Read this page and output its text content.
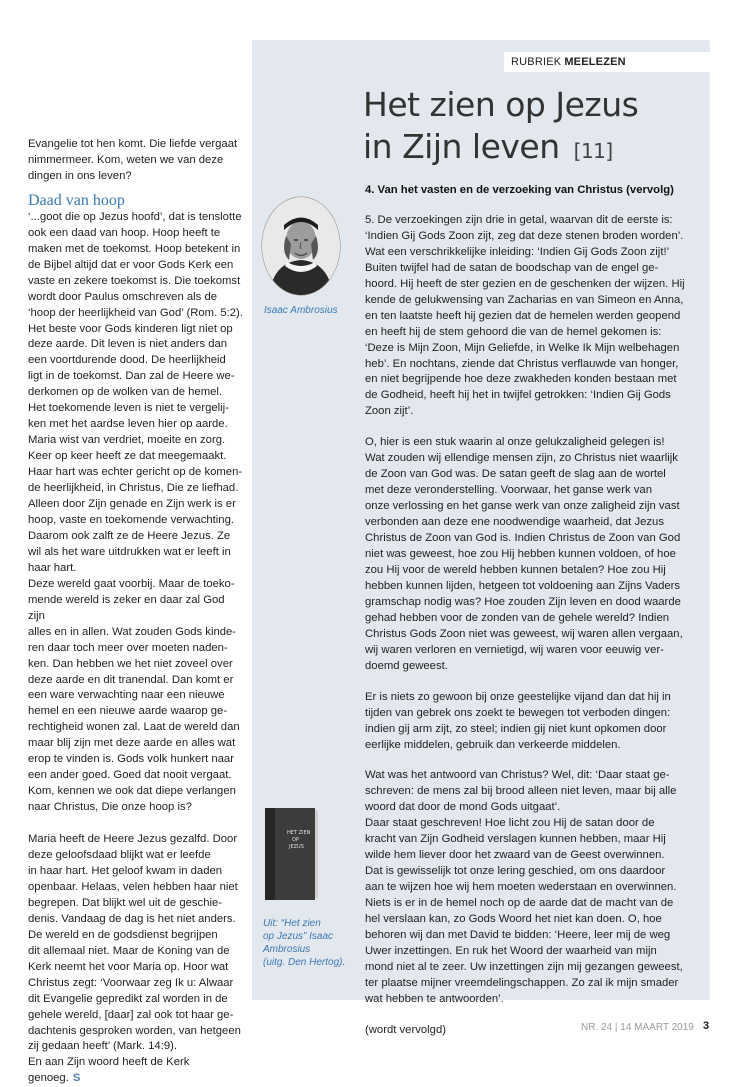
RUBRIEK MEELEZEN
Het zien op Jezus
in Zijn leven [11]

Evangelie tot hen komt. Die liefde vergaat
nimmermeer. Kom, weten we van deze
dingen in ons leven?

Daad van hoop

‘...goot die op Jezus hoofd’, dat is tenslotte
ook een daad van hoop. Hoop heeft te
maken met de toekomst. Hoop betekent in
de Bijbel altijd dat er voor Gods Kerk een
vaste en zekere toekomst is. Die toekomst
wordt door Paulus omschreven als de
‘hoop der heerlijkheid van God’ (Rom. 5:2).
Het beste voor Gods kinderen ligt niet op
deze aarde. Dit leven is niet anders dan
een voortdurende dood. De heerlijkheid
ligt in de toekomst. Dan zal de Heere we-
derkomen op de wolken van de hemel.
Het toekomende leven is niet te vergelij-
ken met het aardse leven hier op aarde.
Maria wist van verdriet, moeite en zorg.
Keer op keer heeft ze dat meegemaakt.
Haar hart was echter gericht op de komen-
de heerlijkheid, in Christus, Die ze liefhad.
Alleen door Zijn genade en Zijn werk is er
hoop, vaste en toekomende verwachting.
Daarom ook zalft ze de Heere Jezus. Ze
wil als het ware uitdrukken wat er leeft in
haar hart.
Deze wereld gaat voorbij. Maar de toeko-
mende wereld is zeker en daar zal God zijn
alles en in allen. Wat zouden Gods kinde-
ren daar toch meer over moeten naden-
ken. Dan hebben we het niet zoveel over
deze aarde en dit tranendal. Dan komt er
een ware verwachting naar een nieuwe
hemel en een nieuwe aarde waarop ge-
rechtigheid wonen zal. Laat de wereld dan
maar blij zijn met deze aarde en alles wat
erop te vinden is. Gods volk hunkert naar
een ander goed. Goed dat nooit vergaat.
Kom, kennen we ook dat diepe verlangen
naar Christus, Die onze hoop is?

Maria heeft de Heere Jezus gezalfd. Door
deze geloofsdaad blijkt wat er leefde
in haar hart. Het geloof kwam in daden
openbaar. Helaas, velen hebben haar niet
begrepen. Dat blijkt wel uit de geschie-
denis. Vandaag de dag is het niet anders.
De wereld en de godsdienst begrijpen
dit allemaal niet. Maar de Koning van de
Kerk neemt het voor Maria op. Hoor wat
Christus zegt: ‘Voorwaar zeg Ik u: Alwaar
dit Evangelie gepredikt zal worden in de
gehele wereld, [daar] zal ook tot haar ge-
dachtenis gesproken worden, van hetgeen
zij gedaan heeft’ (Mark. 14:9).
En aan Zijn woord heeft de Kerk genoeg. S

Isaac Ambrosius
HET ZIEN
OP
JEZUS
Uit: “Het zien
op Jezus” Isaac
Ambrosius
(uitg. Den Hertog).
4. Van het vasten en de verzoeking van Christus (vervolg)

5. De verzoekingen zijn drie in getal, waarvan dit de eerste is:
‘Indien Gij Gods Zoon zijt, zeg dat deze stenen broden worden’.
Wat een verschrikkelijke inleiding: ‘Indien Gij Gods Zoon zijt!’
Buiten twijfel had de satan de boodschap van de engel ge-
hoord. Hij heeft de ster gezien en de geschenken der wijzen. Hij
kende de gelukwensing van Zacharias en van Simeon en Anna,
en ten laatste heeft hij gezien dat de hemelen werden geopend
en heeft hij de stem gehoord die van de hemel gekomen is:
‘Deze is Mijn Zoon, Mijn Geliefde, in Welke Ik Mijn welbehagen
heb’. En nochtans, ziende dat Christus verflauwde van honger,
en niet begrijpende hoe deze zwakheden konden bestaan met
de Godheid, heeft hij het in twijfel getrokken: ‘Indien Gij Gods
Zoon zijt’.

O, hier is een stuk waarin al onze gelukzaligheid gelegen is!
Wat zouden wij ellendige mensen zijn, zo Christus niet waarlijk
de Zoon van God was. De satan geeft de slag aan de wortel
met deze veronderstelling. Voorwaar, het ganse werk van
onze verlossing en het ganse werk van onze zaligheid zijn vast
verbonden aan deze ene noodwendige waarheid, dat Jezus
Christus de Zoon van God is. Indien Christus de Zoon van God
niet was geweest, hoe zou Hij hebben kunnen voldoen, of hoe
zou Hij voor de wereld hebben kunnen betalen? Hoe zou Hij
hebben kunnen lijden, hetgeen tot voldoening aan Zijns Vaders
gramschap nodig was? Hoe zouden Zijn leven en dood waarde
gehad hebben voor de zonden van de gehele wereld? Indien
Christus Gods Zoon niet was geweest, wij waren allen vergaan,
wij waren verloren en vernietigd, wij waren voor eeuwig ver-
doemd geweest.

Er is niets zo gewoon bij onze geestelijke vijand dan dat hij in
tijden van gebrek ons zoekt te bewegen tot verboden dingen:
indien gij arm zijt, zo steel; indien gij niet kunt opkomen door
eerlijke middelen, gebruik dan verkeerde middelen.

Wat was het antwoord van Christus? Wel, dit: ‘Daar staat ge-
schreven: de mens zal bij brood alleen niet leven, maar bij alle
woord dat door de mond Gods uitgaat’.

Daar staat geschreven! Hoe licht zou Hij de satan door de
kracht van Zijn Godheid verslagen kunnen hebben, maar Hij
wilde hem liever door het zwaard van de Geest overwinnen.
Dat is gewisselijk tot onze lering geschied, om ons daardoor
aan te wijzen hoe wij hem moeten wederstaan en overwinnen.
Niets is er in de hemel noch op de aarde dat de macht van de
hel verslaan kan, zo Gods Woord het niet kan doen. O, hoe
behoren wij dan met David te bidden: ‘Heere, leer mij de weg
Uwer inzettingen. En ruk het Woord der waarheid van mijn
mond niet al te zeer. Uw inzettingen zijn mij gezangen geweest,
ter plaatse mijner vreemdelingschappen. Zo zal ik mijn smader
wat hebben te antwoorden’.

(wordt vervolgd)	NR. 24 | 14 MAART 2019 3
